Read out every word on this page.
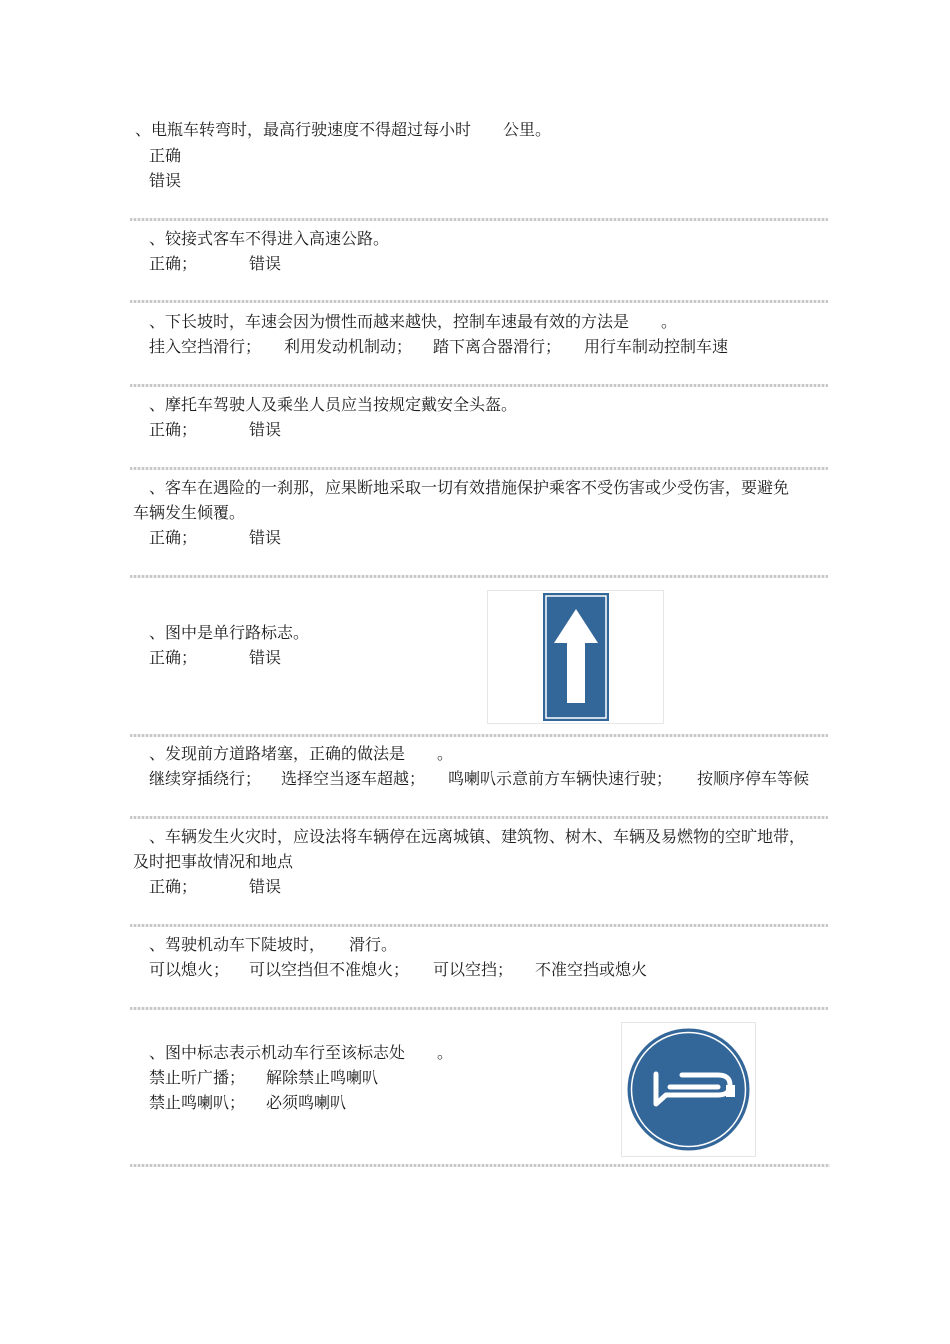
、电瓶车转弯时，最高行驶速度不得超过每小时　　公里。
正确
错误
、铰接式客车不得进入高速公路。
正确；	错误
、下长坡时，车速会因为惯性而越来越快，控制车速最有效的方法是　　。
挂入空挡滑行； 利用发动机制动； 踏下离合器滑行； 用行车制动控制车速
、摩托车驾驶人及乘坐人员应当按规定戴安全头盔。
正确；	错误
、客车在遇险的一刹那，应果断地采取一切有效措施保护乘客不受伤害或少受伤害，要避免
车辆发生倾覆。
正确；	错误
、图中是单行路标志。
正确；	错误
、发现前方道路堵塞，正确的做法是　　。
继续穿插绕行； 选择空当逐车超越； 鸣喇叭示意前方车辆快速行驶； 按顺序停车等候
、车辆发生火灾时，应设法将车辆停在远离城镇、建筑物、树木、车辆及易燃物的空旷地带，
及时把事故情况和地点
正确；	错误
、驾驶机动车下陡坡时，　　滑行。
可以熄火； 可以空挡但不准熄火； 可以空挡； 不准空挡或熄火
、图中标志表示机动车行至该标志处　　。
禁止听广播； 解除禁止鸣喇叭
禁止鸣喇叭； 必须鸣喇叭
